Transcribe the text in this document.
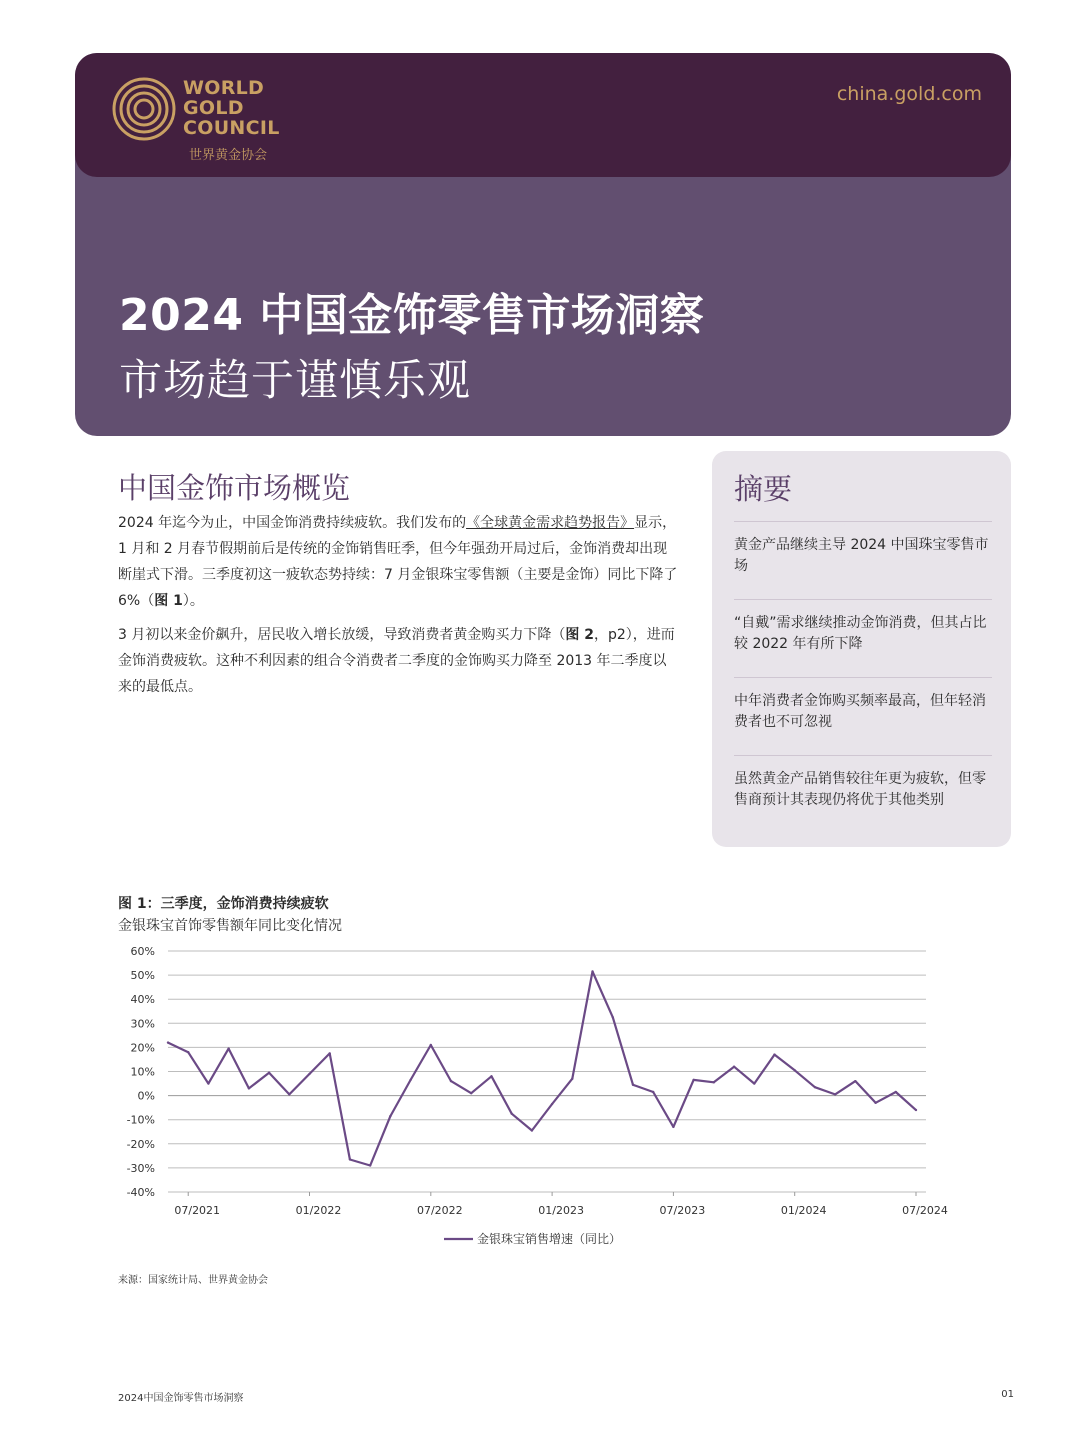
WORLD
GOLD
COUNCIL
世界黄金协会
china.gold.com
2024 中国金饰零售市场洞察
市场趋于谨慎乐观
中国金饰市场概览
2024 年迄今为止，中国金饰消费持续疲软。我们发布的《全球黄金需求趋势报告》显示，1 月和 2 月春节假期前后是传统的金饰销售旺季，但今年强劲开局过后，金饰消费却出现断崖式下滑。三季度初这一疲软态势持续：7 月金银珠宝零售额（主要是金饰）同比下降了 6%（图 1）。
3 月初以来金价飙升，居民收入增长放缓，导致消费者黄金购买力下降（图 2，p2），进而金饰消费疲软。这种不利因素的组合令消费者二季度的金饰购买力降至 2013 年二季度以来的最低点。
摘要
黄金产品继续主导 2024 中国珠宝零售市场
“自戴”需求继续推动金饰消费，但其占比较 2022 年有所下降
中年消费者金饰购买频率最高，但年轻消费者也不可忽视
虽然黄金产品销售较往年更为疲软，但零售商预计其表现仍将优于其他类别
图 1：三季度，金饰消费持续疲软
金银珠宝首饰零售额年同比变化情况
60%
50%
40%
30%
20%
10%
0%
-10%
-20%
-30%
-40%
07/2021	01/2022	07/2022	01/2023	07/2023	01/2024	07/2024
金银珠宝销售增速（同比）
来源：国家统计局、世界黄金协会
2024中国金饰零售市场洞察	01
